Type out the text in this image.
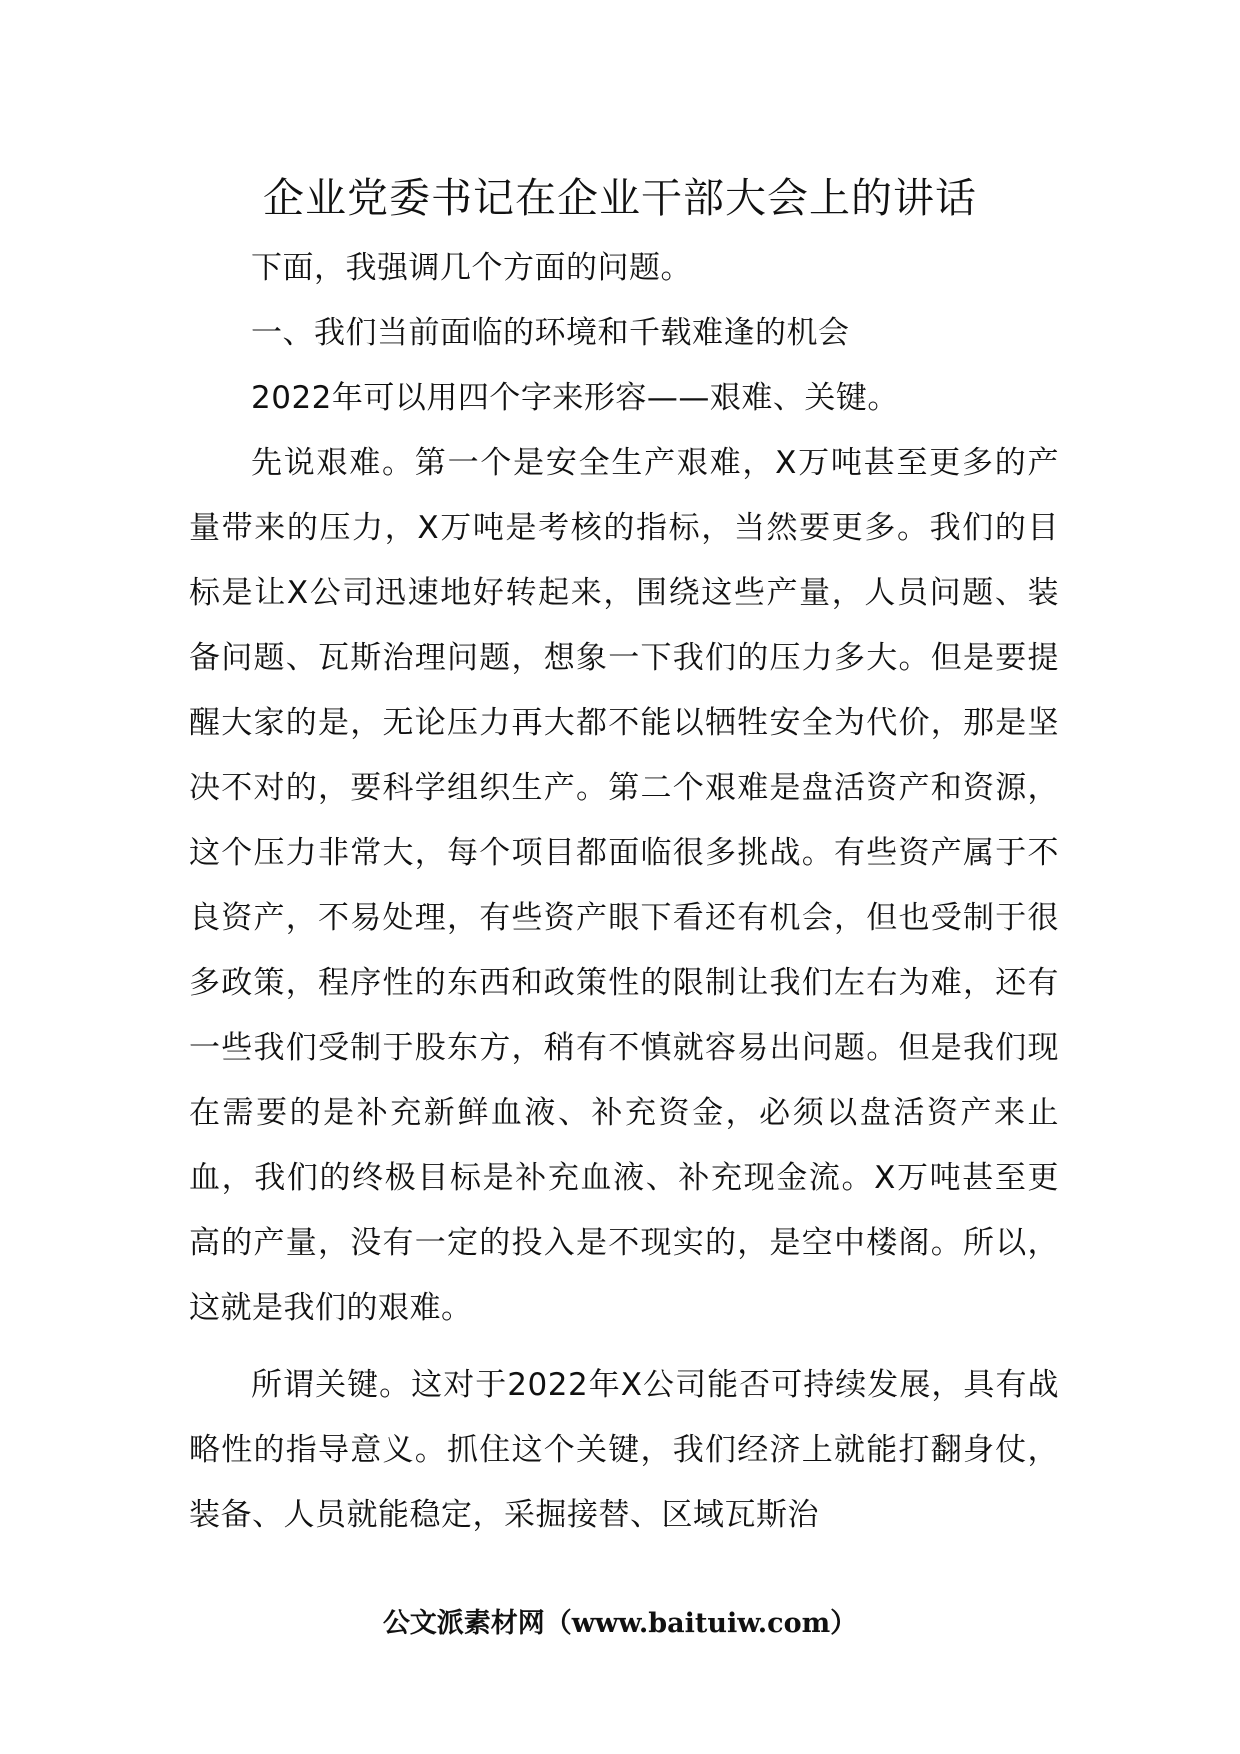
企业党委书记在企业干部大会上的讲话

下面，我强调几个方面的问题。

一、我们当前面临的环境和千载难逢的机会

2022年可以用四个字来形容——艰难、关键。

先说艰难。第一个是安全生产艰难，X万吨甚至更多的产量带来的压力，X万吨是考核的指标，当然要更多。我们的目标是让X公司迅速地好转起来，围绕这些产量，人员问题、装备问题、瓦斯治理问题，想象一下我们的压力多大。但是要提醒大家的是，无论压力再大都不能以牺牲安全为代价，那是坚决不对的，要科学组织生产。第二个艰难是盘活资产和资源，这个压力非常大，每个项目都面临很多挑战。有些资产属于不良资产，不易处理，有些资产眼下看还有机会，但也受制于很多政策，程序性的东西和政策性的限制让我们左右为难，还有一些我们受制于股东方，稍有不慎就容易出问题。但是我们现在需要的是补充新鲜血液、补充资金，必须以盘活资产来止血，我们的终极目标是补充血液、补充现金流。X万吨甚至更高的产量，没有一定的投入是不现实的，是空中楼阁。所以，这就是我们的艰难。

所谓关键。这对于2022年X公司能否可持续发展，具有战略性的指导意义。抓住这个关键，我们经济上就能打翻身仗，装备、人员就能稳定，采掘接替、区域瓦斯治

公文派素材网（www.baituiw.com）
